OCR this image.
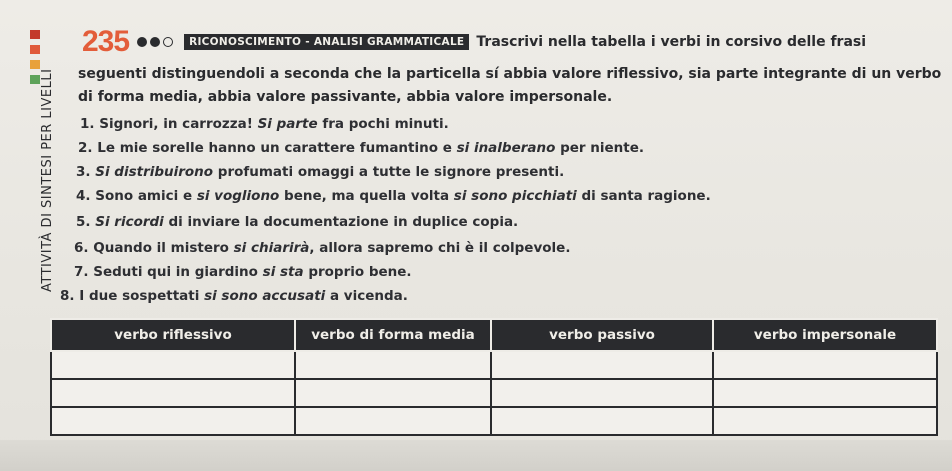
ATTIVITÀ DI SINTESI PER LIVELLI
235	RICONOSCIMENTO - ANALISI GRAMMATICALE Trascrivi nella tabella i verbi in corsivo delle frasi
seguenti distinguendoli a seconda che la particella sí abbia valore riflessivo, sia parte integrante di un verbo
di forma media, abbia valore passivante, abbia valore impersonale.
1. Signori, in carrozza! Si parte fra pochi minuti.
2. Le mie sorelle hanno un carattere fumantino e si inalberano per niente.
3. Si distribuirono profumati omaggi a tutte le signore presenti.
4. Sono amici e si vogliono bene, ma quella volta si sono picchiati di santa ragione.
5. Si ricordi di inviare la documentazione in duplice copia.
6. Quando il mistero si chiarirà, allora sapremo chi è il colpevole.
7. Seduti qui in giardino si sta proprio bene.
8. I due sospettati si sono accusati a vicenda.
verbo riflessivo	verbo di forma media	verbo passivo	verbo impersonale
